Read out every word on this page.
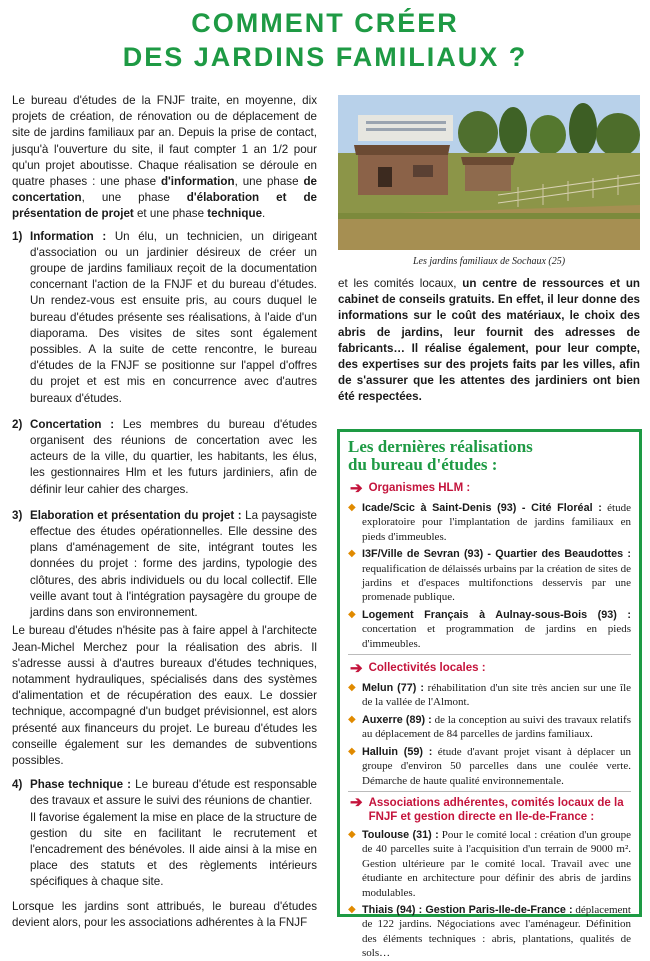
COMMENT CRÉER
DES JARDINS FAMILIAUX ?

Le bureau d'études de la FNJF traite, en moyenne, dix projets de création, de rénovation ou de déplacement de site de jardins familiaux par an. Depuis la prise de contact, jusqu'à l'ouverture du site, il faut compter 1 an 1/2 pour qu'un projet aboutisse. Chaque réalisation se déroule en quatre phases : une phase d'information, une phase de concertation, une phase d'élaboration et de présentation de projet et une phase technique.

1) Information : Un élu, un technicien, un dirigeant d'association ou un jardinier désireux de créer un groupe de jardins familiaux reçoit de la documentation concernant l'action de la FNJF et du bureau d'études. Un rendez-vous est ensuite pris, au cours duquel le bureau d'études présente ses réalisations, à l'aide d'un diaporama. Des visites de sites sont également possibles. A la suite de cette rencontre, le bureau d'études de la FNJF se positionne sur l'appel d'offres du projet et est mis en concurrence avec d'autres bureaux d'études.
2) Concertation : Les membres du bureau d'études organisent des réunions de concertation avec les acteurs de la ville, du quartier, les habitants, les élus, les gestionnaires Hlm et les futurs jardiniers, afin de définir leur cahier des charges.
3) Elaboration et présentation du projet : La paysagiste effectue des études opérationnelles. Elle dessine des plans d'aménagement de site, intégrant toutes les données du projet : forme des jardins, typologie des clôtures, des abris individuels ou du local collectif. Elle veille avant tout à l'intégration paysagère du groupe de jardins dans son environnement.

Le bureau d'études n'hésite pas à faire appel à l'architecte Jean-Michel Merchez pour la réalisation des abris. Il s'adresse aussi à d'autres bureaux d'études techniques, notamment hydrauliques, spécialisés dans des systèmes d'alimentation et de récupération des eaux. Le dossier technique, accompagné d'un budget prévisionnel, est alors présenté aux financeurs du projet. Le bureau d'études les conseille également sur les demandes de subventions possibles.

4) Phase technique : Le bureau d'étude est responsable des travaux et assure le suivi des réunions de chantier.
Il favorise également la mise en place de la structure de gestion du site en facilitant le recrutement et l'encadrement des bénévoles. Il aide ainsi à la mise en place des statuts et des règlements intérieurs spécifiques à chaque site.

Lorsque les jardins sont attribués, le bureau d'études devient alors, pour les associations adhérentes à la FNJF

Les jardins familiaux de Sochaux (25)
et les comités locaux, un centre de ressources et un cabinet de conseils gratuits. En effet, il leur donne des informations sur le coût des matériaux, le choix des abris de jardins, leur fournit des adresses de fabricants… Il réalise également, pour leur compte, des expertises sur des projets faits par les villes, afin de s'assurer que les attentes des jardiniers ont bien été respectées.
Les dernières réalisations
du bureau d'études :
➔ Organismes HLM :
◆ Icade/Scic à Saint-Denis (93) - Cité Floréal : étude exploratoire pour l'implantation de jardins familiaux en pieds d'immeubles.
◆ I3F/Ville de Sevran (93) - Quartier des Beaudottes : requalification de délaissés urbains par la création de sites de jardins et d'espaces multifonctions desservis par une promenade publique.
◆ Logement Français à Aulnay-sous-Bois (93) : concertation et programmation de jardins en pieds d'immeubles.
➔ Collectivités locales :
◆ Melun (77) : réhabilitation d'un site très ancien sur une île de la vallée de l'Almont.
◆ Auxerre (89) : de la conception au suivi des travaux relatifs au déplacement de 84 parcelles de jardins familiaux.
◆ Halluin (59) : étude d'avant projet visant à déplacer un groupe d'environ 50 parcelles dans une coulée verte. Démarche de haute qualité environnementale.
➔ Associations adhérentes, comités locaux de la FNJF et gestion directe en Ile-de-France :
◆ Toulouse (31) : Pour le comité local : création d'un groupe de 40 parcelles suite à l'acquisition d'un terrain de 9000 m². Gestion ultérieure par le comité local. Travail avec une étudiante en architecture pour définir des abris de jardins modulables.
◆ Thiais (94) : Gestion Paris-Ile-de-France : déplacement de 122 jardins. Négociations avec l'aménageur. Définition des éléments techniques : abris, plantations, qualités de sols…
